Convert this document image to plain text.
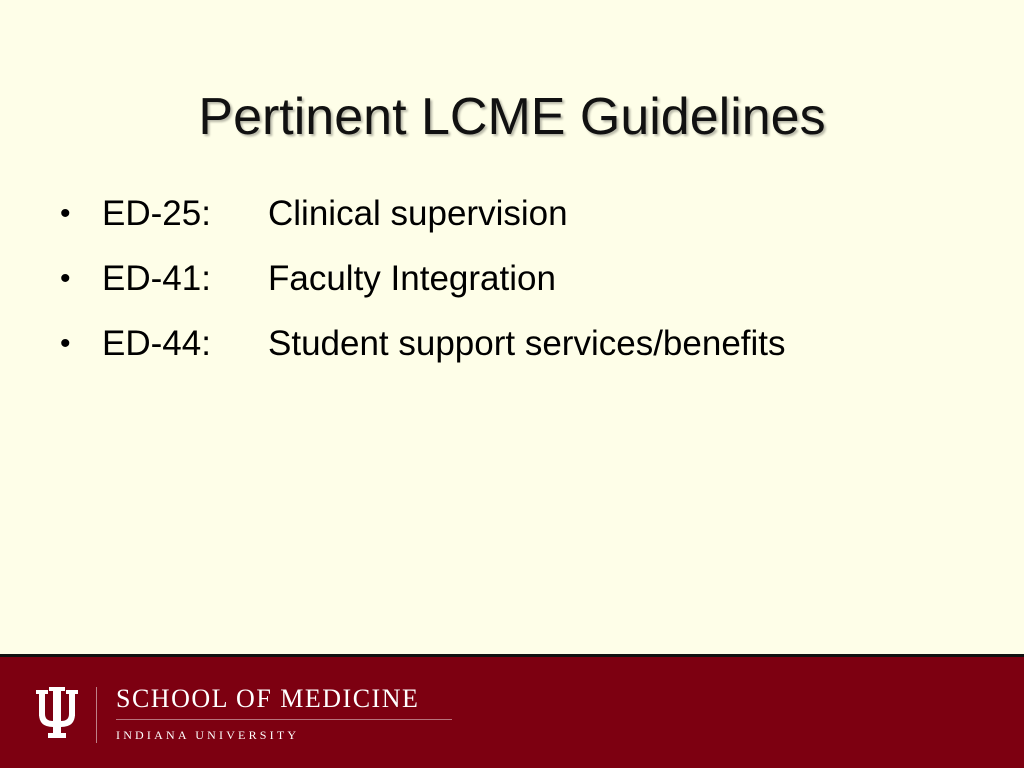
Pertinent LCME Guidelines
• ED-25: Clinical supervision
• ED-41: Faculty Integration
• ED-44: Student support services/benefits
SCHOOL OF MEDICINE
INDIANA UNIVERSITY
